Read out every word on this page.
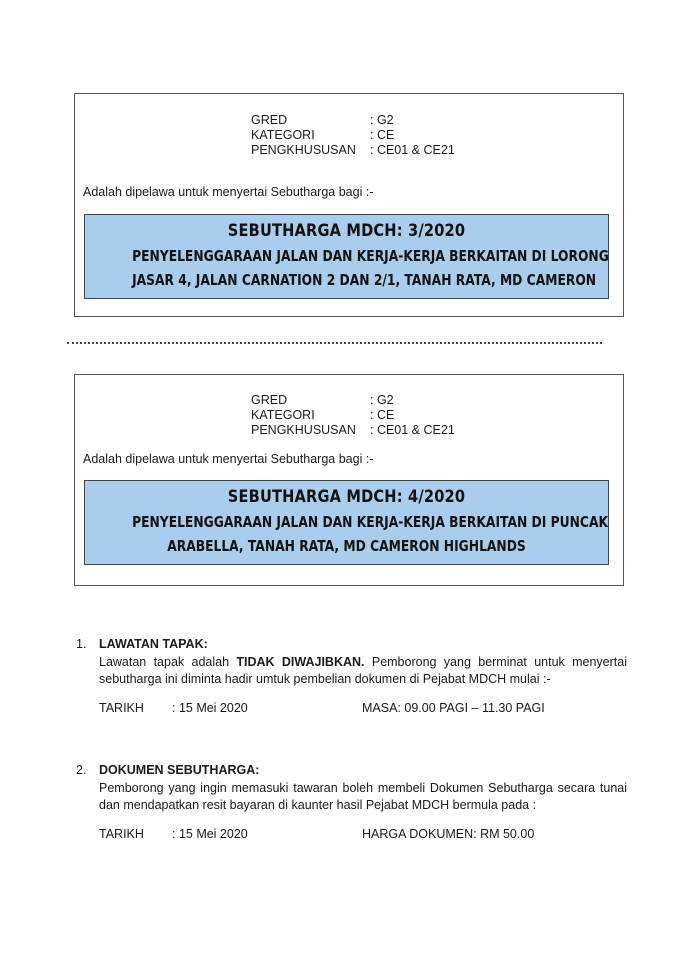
GRED	: G2
KATEGORI	: CE
PENGKHUSUSAN	: CE01 & CE21
Adalah dipelawa untuk menyertai Sebutharga bagi :-
SEBUTHARGA MDCH: 3/2020
PENYELENGGARAAN JALAN DAN KERJA-KERJA BERKAITAN DI LORONG
JASAR 4, JALAN CARNATION 2 DAN 2/1, TANAH RATA, MD CAMERON
GRED	: G2
KATEGORI	: CE
PENGKHUSUSAN	: CE01 & CE21
Adalah dipelawa untuk menyertai Sebutharga bagi :-
SEBUTHARGA MDCH: 4/2020
PENYELENGGARAAN JALAN DAN KERJA-KERJA BERKAITAN DI PUNCAK
ARABELLA, TANAH RATA, MD CAMERON HIGHLANDS
1. LAWATAN TAPAK:
Lawatan tapak adalah TIDAK DIWAJIBKAN. Pemborong yang berminat untuk menyertai sebutharga ini diminta hadir umtuk pembelian dokumen di Pejabat MDCH mulai :-
TARIKH	: 15 Mei 2020	MASA: 09.00 PAGI – 11.30 PAGI
2. DOKUMEN SEBUTHARGA:
Pemborong yang ingin memasuki tawaran boleh membeli Dokumen Sebutharga secara tunai dan mendapatkan resit bayaran di kaunter hasil Pejabat MDCH bermula pada :
TARIKH	: 15 Mei 2020	HARGA DOKUMEN: RM 50.00
